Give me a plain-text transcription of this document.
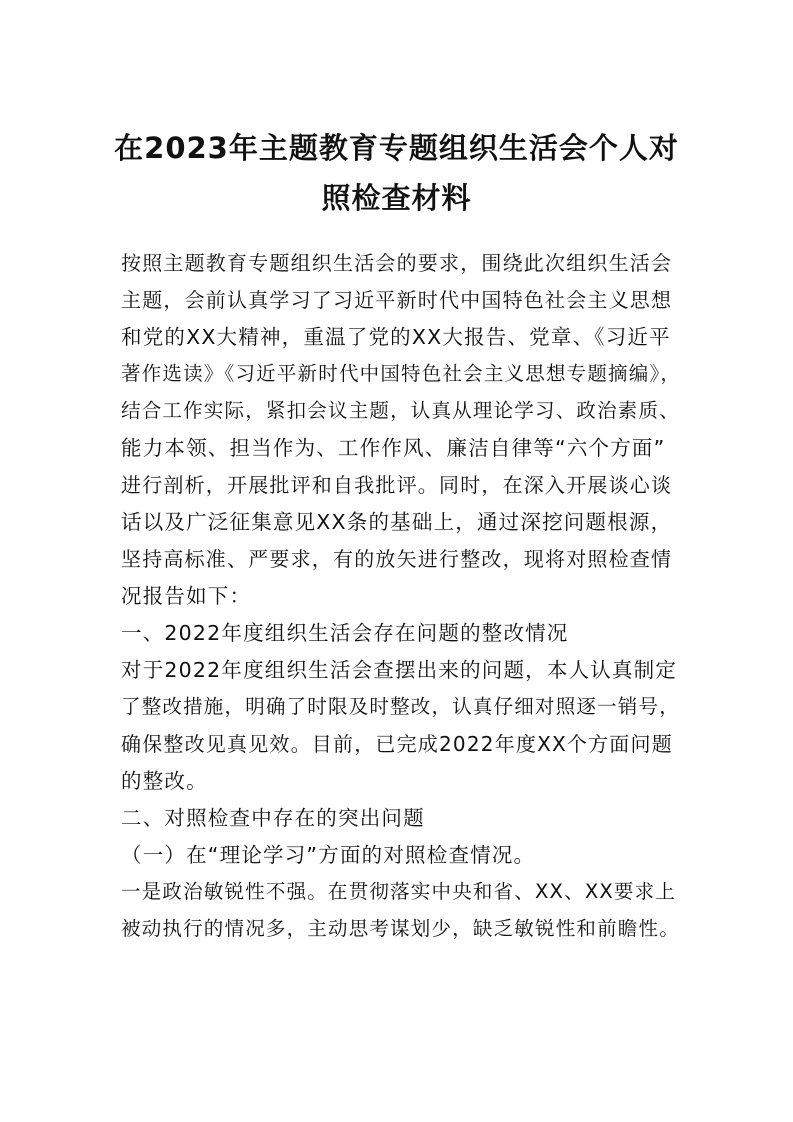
在2023年主题教育专题组织生活会个人对
照检查材料
按照主题教育专题组织生活会的要求，围绕此次组织生活会
主题，会前认真学习了习近平新时代中国特色社会主义思想
和党的XX大精神，重温了党的XX大报告、党章、《习近平
著作选读》《习近平新时代中国特色社会主义思想专题摘编》，
结合工作实际，紧扣会议主题，认真从理论学习、政治素质、
能力本领、担当作为、工作作风、廉洁自律等“六个方面”
进行剖析，开展批评和自我批评。同时，在深入开展谈心谈
话以及广泛征集意见XX条的基础上，通过深挖问题根源，
坚持高标准、严要求，有的放矢进行整改，现将对照检查情
况报告如下：
一、2022年度组织生活会存在问题的整改情况
对于2022年度组织生活会查摆出来的问题，本人认真制定
了整改措施，明确了时限及时整改，认真仔细对照逐一销号，
确保整改见真见效。目前，已完成2022年度XX个方面问题
的整改。
二、对照检查中存在的突出问题
（一）在“理论学习”方面的对照检查情况。
一是政治敏锐性不强。在贯彻落实中央和省、XX、XX要求上
被动执行的情况多，主动思考谋划少，缺乏敏锐性和前瞻性。
